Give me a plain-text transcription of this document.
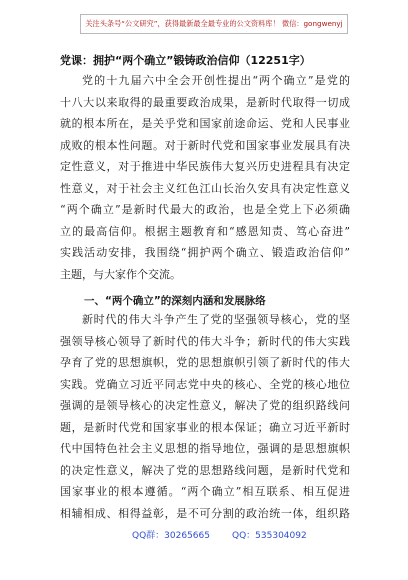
关注头条号“公文研究”，获得最新最全最专业的公文资料库！ 微信：gongwenyj
党课：拥护“两个确立”锻铸政治信仰（12251字）
党的十九届六中全会开创性提出“两个确立”是党的
十八大以来取得的最重要政治成果，是新时代取得一切成
就的根本所在，是关乎党和国家前途命运、党和人民事业
成败的根本性问题。对于新时代党和国家事业发展具有决
定性意义，对于推进中华民族伟大复兴历史进程具有决定
性意义，对于社会主义红色江山长治久安具有决定性意义
“两个确立”是新时代最大的政治，也是全党上下必须确
立的最高信仰。根据主题教育和“感恩知责、笃心奋进”
实践活动安排，我围绕“拥护两个确立、锻造政治信仰”
主题，与大家作个交流。
一、“两个确立”的深刻内涵和发展脉络
新时代的伟大斗争产生了党的坚强领导核心，党的坚
强领导核心领导了新时代的伟大斗争；新时代的伟大实践
孕育了党的思想旗帜，党的思想旗帜引领了新时代的伟大
实践。党确立习近平同志党中央的核心、全党的核心地位
强调的是领导核心的决定性意义，解决了党的组织路线问
题，是新时代党和国家事业的根本保证；确立习近平新时
代中国特色社会主义思想的指导地位，强调的是思想旗帜
的决定性意义，解决了党的思想路线问题，是新时代党和
国家事业的根本遵循。“两个确立”相互联系、相互促进
相辅相成、相得益彰，是不可分割的政治统一体，组织路
QQ群：30265665 QQ：535304092
